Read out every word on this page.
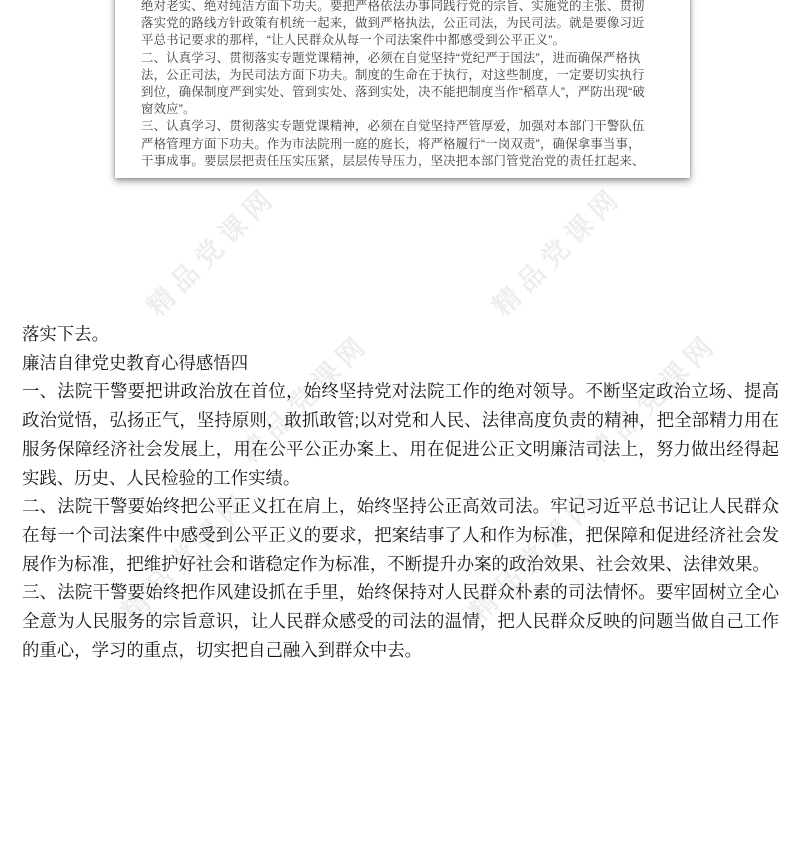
精品党课网	精品党课网
精品党课网	精品党课网
精品党课网	精品党课网
绝对老实、绝对纯洁方面下功夫。要把严格依法办事同践行党的宗旨、实施党的主张、贯彻
落实党的路线方针政策有机统一起来，做到严格执法，公正司法，为民司法。就是要像习近
平总书记要求的那样，“让人民群众从每一个司法案件中都感受到公平正义”。
二、认真学习、贯彻落实专题党课精神，必须在自觉坚持“党纪严于国法”，进而确保严格执
法，公正司法，为民司法方面下功夫。制度的生命在于执行，对这些制度，一定要切实执行
到位，确保制度严到实处、管到实处、落到实处，决不能把制度当作“稻草人”，严防出现“破
窗效应”。
三、认真学习、贯彻落实专题党课精神，必须在自觉坚持严管厚爱，加强对本部门干警队伍
严格管理方面下功夫。作为市法院刑一庭的庭长，将严格履行“一岗双责”，确保拿事当事，
干事成事。要层层把责任压实压紧，层层传导压力，坚决把本部门管党治党的责任扛起来、

落实下去。

廉洁自律党史教育心得感悟四

一、法院干警要把讲政治放在首位，始终坚持党对法院工作的绝对领导。不断坚定政治立场、提高政治觉悟，弘扬正气，坚持原则，敢抓敢管;以对党和人民、法律高度负责的精神，把全部精力用在服务保障经济社会发展上，用在公平公正办案上、用在促进公正文明廉洁司法上，努力做出经得起实践、历史、人民检验的工作实绩。

二、法院干警要始终把公平正义扛在肩上，始终坚持公正高效司法。牢记习近平总书记让人民群众在每一个司法案件中感受到公平正义的要求，把案结事了人和作为标准，把保障和促进经济社会发展作为标准，把维护好社会和谐稳定作为标准，不断提升办案的政治效果、社会效果、法律效果。

三、法院干警要始终把作风建设抓在手里，始终保持对人民群众朴素的司法情怀。要牢固树立全心全意为人民服务的宗旨意识，让人民群众感受的司法的温情，把人民群众反映的问题当做自己工作的重心，学习的重点，切实把自己融入到群众中去。
